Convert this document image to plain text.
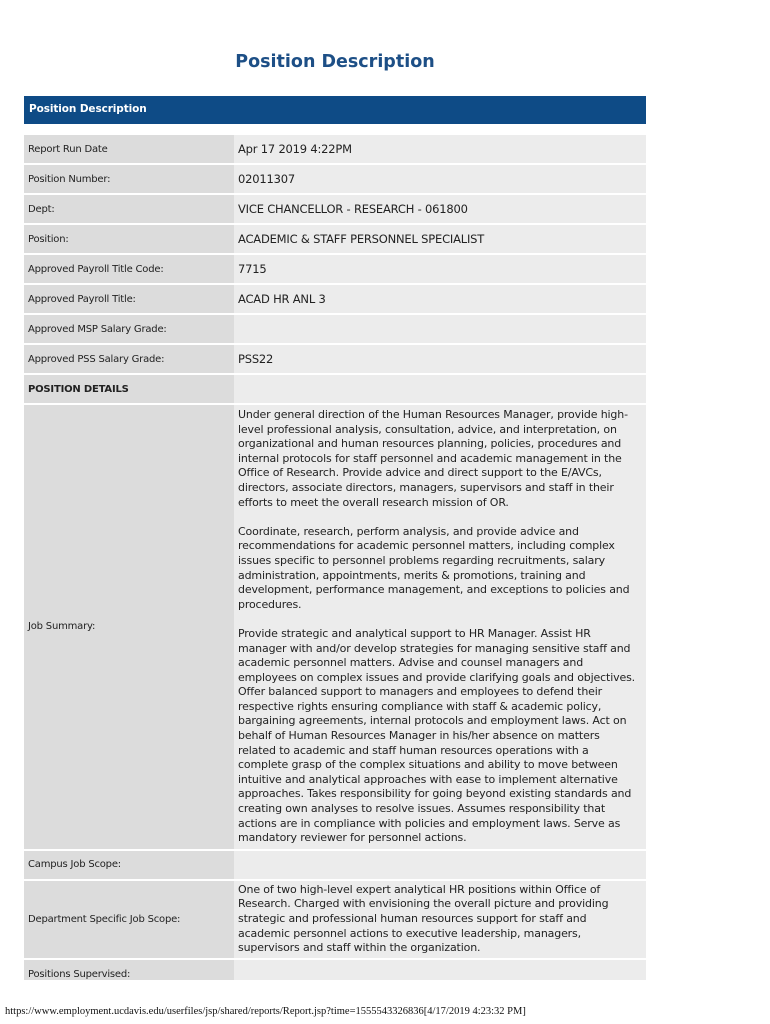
Position Description
Position Description
Report Run Date	Apr 17 2019 4:22PM
Position Number:	02011307
Dept:	VICE CHANCELLOR - RESEARCH - 061800
Position:	ACADEMIC & STAFF PERSONNEL SPECIALIST
Approved Payroll Title Code:	7715
Approved Payroll Title:	ACAD HR ANL 3
Approved MSP Salary Grade:	
Approved PSS Salary Grade:	PSS22
POSITION DETAILS	
Job Summary:	Under general direction of the Human Resources Manager, provide high-level professional analysis, consultation, advice, and interpretation, on organizational and human resources planning, policies, procedures and internal protocols for staff personnel and academic management in the Office of Research. Provide advice and direct support to the E/AVCs, directors, associate directors, managers, supervisors and staff in their efforts to meet the overall research mission of OR.

Coordinate, research, perform analysis, and provide advice and recommendations for academic personnel matters, including complex issues specific to personnel problems regarding recruitments, salary administration, appointments, merits & promotions, training and development, performance management, and exceptions to policies and procedures.

Provide strategic and analytical support to HR Manager. Assist HR manager with and/or develop strategies for managing sensitive staff and academic personnel matters. Advise and counsel managers and employees on complex issues and provide clarifying goals and objectives. Offer balanced support to managers and employees to defend their respective rights ensuring compliance with staff & academic policy, bargaining agreements, internal protocols and employment laws. Act on behalf of Human Resources Manager in his/her absence on matters related to academic and staff human resources operations with a complete grasp of the complex situations and ability to move between intuitive and analytical approaches with ease to implement alternative approaches. Takes responsibility for going beyond existing standards and creating own analyses to resolve issues. Assumes responsibility that actions are in compliance with policies and employment laws. Serve as mandatory reviewer for personnel actions.

Campus Job Scope:	
Department Specific Job Scope:	One of two high-level expert analytical HR positions within Office of Research. Charged with envisioning the overall picture and providing strategic and professional human resources support for staff and academic personnel actions to executive leadership, managers, supervisors and staff within the organization.
Positions Supervised:	
https://www.employment.ucdavis.edu/userfiles/jsp/shared/reports/Report.jsp?time=1555543326836[4/17/2019 4:23:32 PM]
